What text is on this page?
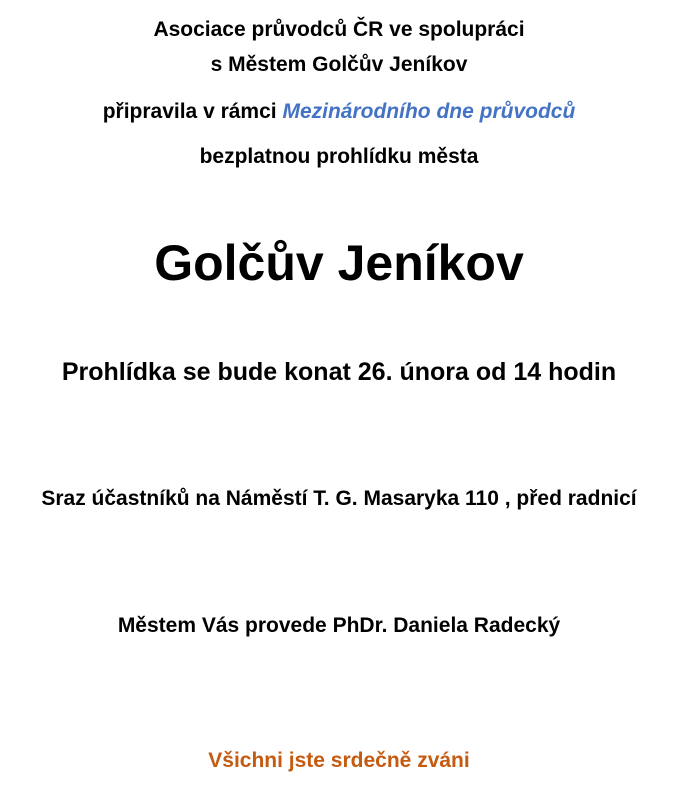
Asociace průvodců ČR ve spolupráci
s Městem Golčův Jeníkov
připravila v rámci Mezinárodního dne průvodců
bezplatnou prohlídku města
Golčův Jeníkov
Prohlídka se bude konat 26. února od 14 hodin
Sraz účastníků na Náměstí T. G. Masaryka 110 , před radnicí
Městem Vás provede PhDr. Daniela Radecký
Všichni jste srdečně zváni
